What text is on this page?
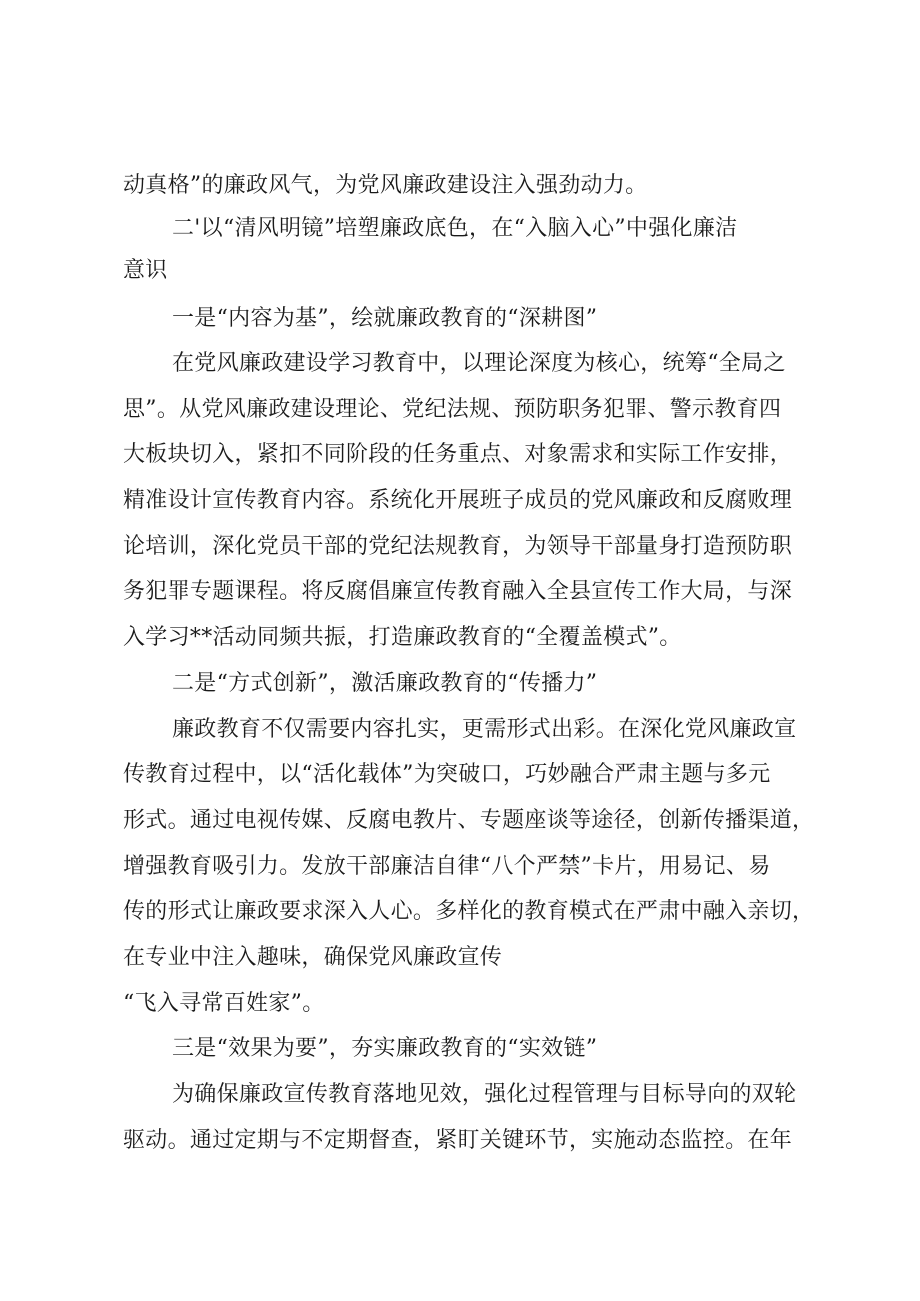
动真格”的廉政风气，为党风廉政建设注入强劲动力。
二'以“清风明镜”培塑廉政底色，在“入脑入心”中强化廉洁
意识
一是“内容为基”，绘就廉政教育的“深耕图”
在党风廉政建设学习教育中，以理论深度为核心，统筹“全局之
思”。从党风廉政建设理论、党纪法规、预防职务犯罪、警示教育四
大板块切入，紧扣不同阶段的任务重点、对象需求和实际工作安排，
精准设计宣传教育内容。系统化开展班子成员的党风廉政和反腐败理
论培训，深化党员干部的党纪法规教育，为领导干部量身打造预防职
务犯罪专题课程。将反腐倡廉宣传教育融入全县宣传工作大局，与深
入学习**活动同频共振，打造廉政教育的“全覆盖模式”。
二是“方式创新”，激活廉政教育的“传播力”
廉政教育不仅需要内容扎实，更需形式出彩。在深化党风廉政宣
传教育过程中，以“活化载体”为突破口，巧妙融合严肃主题与多元
形式。通过电视传媒、反腐电教片、专题座谈等途径，创新传播渠道，
增强教育吸引力。发放干部廉洁自律“八个严禁”卡片，用易记、易
传的形式让廉政要求深入人心。多样化的教育模式在严肃中融入亲切，
在专业中注入趣味，确保党风廉政宣传
“飞入寻常百姓家”。
三是“效果为要”，夯实廉政教育的“实效链”
为确保廉政宣传教育落地见效，强化过程管理与目标导向的双轮
驱动。通过定期与不定期督查，紧盯关键环节，实施动态监控。在年
